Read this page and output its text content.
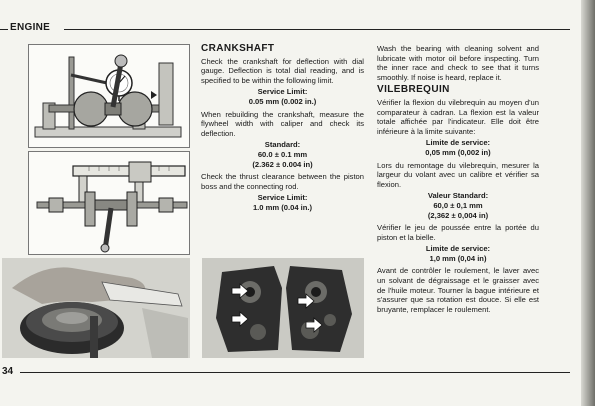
ENGINE
CRANKSHAFT

Check the crankshaft for deflection with dial gauge. Deflection is total dial reading, and is specified to be within the following limit.

Service Limit:
0.05 mm (0.002 in.)

When rebuilding the crankshaft, measure the flywheel width with caliper and check its deflection.

Standard:
60.0 ± 0.1 mm
(2.362 ± 0.004 in)

Check the thrust clearance between the piston boss and the connecting rod.

Service Limit:
1.0 mm (0.04 in.)

Wash the bearing with cleaning solvent and lubricate with motor oil before inspecting. Turn the inner race and check to see that it turns smoothly. If noise is heard, replace it.

VILEBREQUIN

Vérifier la flexion du vilebrequin au moyen d'un comparateur à cadran. La flexion est la valeur totale affichée par l'indicateur. Elle doit être inférieure à la limite suivante:

Limite de service:
0,05 mm (0,002 in)

Lors du remontage du vilebrequin, mesurer la largeur du volant avec un calibre et vérifier sa flexion.

Valeur Standard:
60,0 ± 0,1 mm
(2,362 ± 0,004 in)

Vérifier le jeu de poussée entre la portée du piston et la bielle.

Limite de service:
1,0 mm (0,04 in)

Avant de contrôler le roulement, le laver avec un solvant de dégraissage et le graisser avec de l'huile moteur. Tourner la bague intérieure et s'assurer que sa rotation est douce. Si elle est bruyante, remplacer le roulement.

34
